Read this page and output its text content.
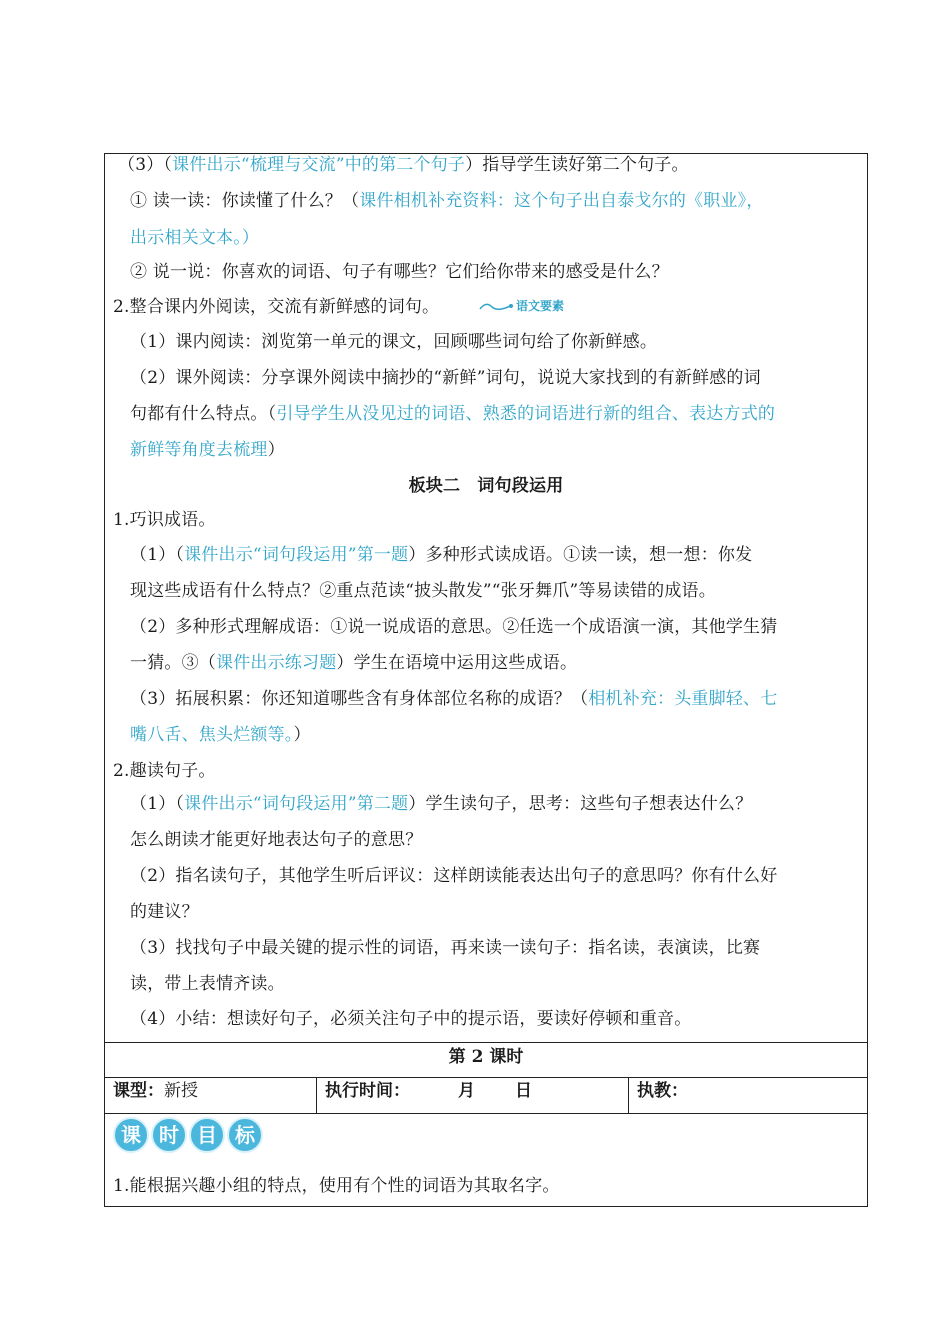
（3）（课件出示“梳理与交流”中的第二个句子）指导学生读好第二个句子。
① 读一读：你读懂了什么？（课件相机补充资料：这个句子出自泰戈尔的《职业》，
出示相关文本。）
② 说一说：你喜欢的词语、句子有哪些？它们给你带来的感受是什么？
2.整合课内外阅读，交流有新鲜感的词句。	语文要素
（1）课内阅读：浏览第一单元的课文，回顾哪些词句给了你新鲜感。
（2）课外阅读：分享课外阅读中摘抄的“新鲜”词句，说说大家找到的有新鲜感的词
句都有什么特点。（引导学生从没见过的词语、熟悉的词语进行新的组合、表达方式的
新鲜等角度去梳理）
板块二　词句段运用
1.巧识成语。
（1）（课件出示“词句段运用”第一题）多种形式读成语。①读一读，想一想：你发
现这些成语有什么特点？②重点范读“披头散发”“张牙舞爪”等易读错的成语。
（2）多种形式理解成语：①说一说成语的意思。②任选一个成语演一演，其他学生猜
一猜。③（课件出示练习题）学生在语境中运用这些成语。
（3）拓展积累：你还知道哪些含有身体部位名称的成语？（相机补充：头重脚轻、七
嘴八舌、焦头烂额等。）
2.趣读句子。
（1）（课件出示“词句段运用”第二题）学生读句子，思考：这些句子想表达什么？
怎么朗读才能更好地表达句子的意思？
（2）指名读句子，其他学生听后评议：这样朗读能表达出句子的意思吗？你有什么好
的建议？
（3）找找句子中最关键的提示性的词语，再来读一读句子：指名读，表演读，比赛
读，带上表情齐读。
（4）小结：想读好句子，必须关注句子中的提示语，要读好停顿和重音。
第 2 课时
课型：新授	执行时间：	月 日	执教：
课 时 目 标
1.能根据兴趣小组的特点，使用有个性的词语为其取名字。
